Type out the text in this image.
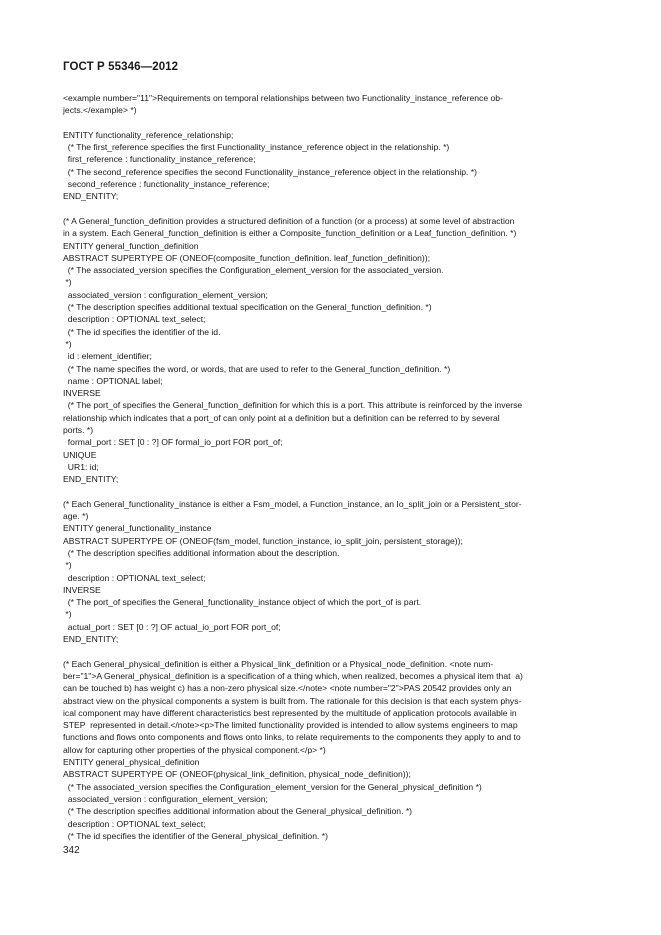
ГОСТ Р 55346—2012
<example number="11">Requirements on temporal relationships between two Functionality_instance_reference ob-
jects.</example> *)
ENTITY functionality_reference_relationship;
(* The first_reference specifies the first Functionality_instance_reference object in the relationship. *)
first_reference : functionality_instance_reference;
(* The second_reference specifies the second Functionality_instance_reference object in the relationship. *)
second_reference : functionality_instance_reference;
END_ENTITY;
(* A General_function_definition provides a structured definition of a function (or a process) at some level of abstraction
in a system. Each General_function_definition is either a Composite_function_definition or a Leaf_function_definition. *)
ENTITY general_function_definition
ABSTRACT SUPERTYPE OF (ONEOF(composite_function_definition. leaf_function_definition));
(* The associated_version specifies the Configuration_element_version for the associated_version.
*)
associated_version : configuration_element_version;
(* The description specifies additional textual specification on the General_function_definition. *)
description : OPTIONAL text_select;
(* The id specifies the identifier of the id.
*)
id : element_identifier;
(* The name specifies the word, or words, that are used to refer to the General_function_definition. *)
name : OPTIONAL label;
INVERSE
(* The port_of specifies the General_function_definition for which this is a port. This attribute is reinforced by the inverse
relationship which indicates that a port_of can only point at a definition but a definition can be referred to by several
ports. *)
formal_port : SET [0 : ?] OF formal_io_port FOR port_of;
UNIQUE
UR1: id;
END_ENTITY;
(* Each General_functionality_instance is either a Fsm_model, a Function_instance, an Io_split_join or a Persistent_stor-
age. *)
ENTITY general_functionality_instance
ABSTRACT SUPERTYPE OF (ONEOF(fsm_model, function_instance, io_split_join, persistent_storage));
(* The description specifies additional information about the description.
*)
description : OPTIONAL text_select;
INVERSE
(* The port_of specifies the General_functionality_instance object of which the port_of is part.
*)
actual_port : SET [0 : ?] OF actual_io_port FOR port_of;
END_ENTITY;
(* Each General_physical_definition is either a Physical_link_definition or a Physical_node_definition. <note num-
ber="1">A General_physical_definition is a specification of a thing which, when realized, becomes a physical item that  a)
can be touched b) has weight c) has a non-zero physical size.</note> <note number="2">PAS 20542 provides only an
abstract view on the physical components a system is built from. The rationale for this decision is that each system phys-
ical component may have different characteristics best represented by the multitude of application protocols available in
STEP  represented in detail.</note><p>The limited functionality provided is intended to allow systems engineers to map
functions and flows onto components and flows onto links, to relate requirements to the components they apply to and to
allow for capturing other properties of the physical component.</p> *)
ENTITY general_physical_definition
ABSTRACT SUPERTYPE OF (ONEOF(physical_link_definition, physical_node_definition));
(* The associated_version specifies the Configuration_element_version for the General_physical_definition *)
associated_version : configuration_element_version;
(* The description specifies additional information about the General_physical_definition. *)
description : OPTIONAL text_select;
(* The id specifies the identifier of the General_physical_definition. *)
342
